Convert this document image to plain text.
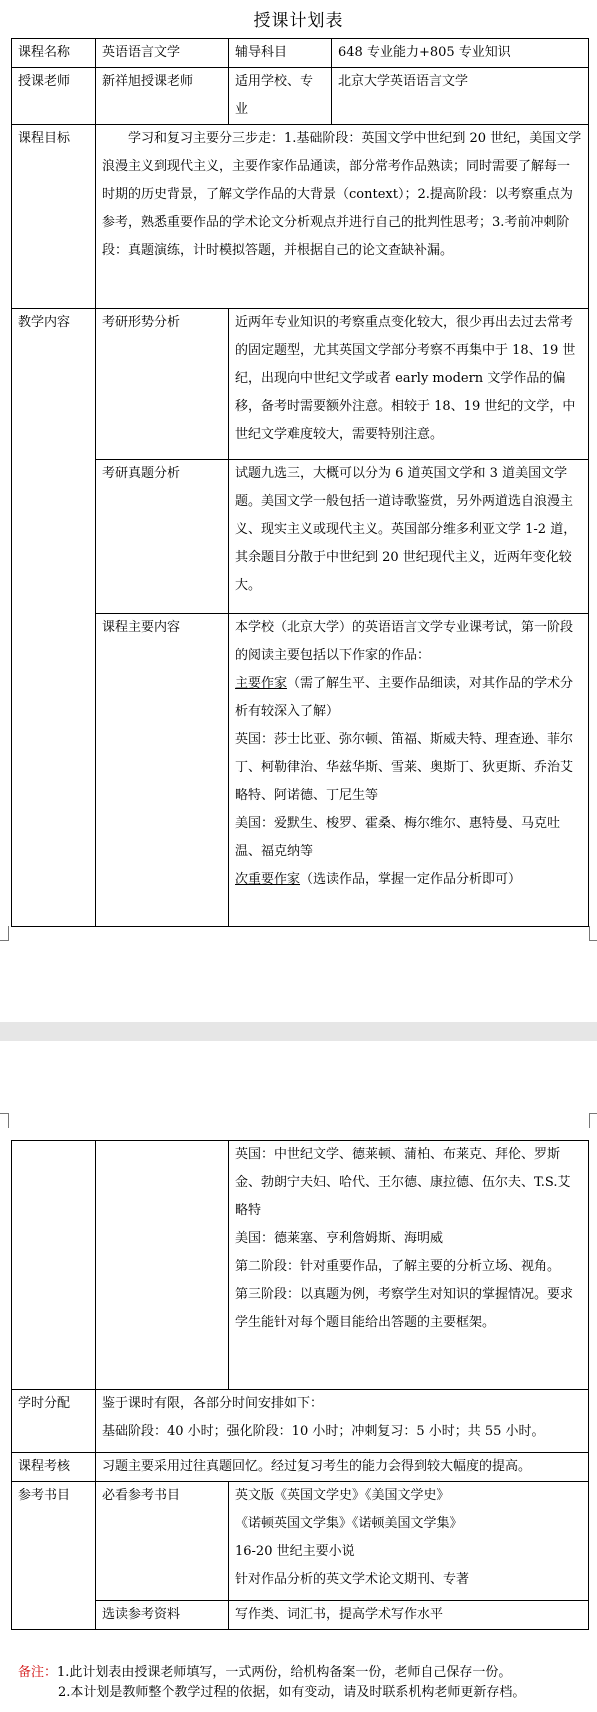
授课计划表
课程名称	英语语言文学	辅导科目	648 专业能力+805 专业知识
授课老师	新祥旭授课老师	适用学校、专业	北京大学英语语言文学
课程目标	学习和复习主要分三步走：1.基础阶段：英国文学中世纪到 20 世纪，美国文学浪漫主义到现代主义，主要作家作品通读，部分常考作品熟读；同时需要了解每一时期的历史背景，了解文学作品的大背景（context）；2.提高阶段：以考察重点为参考，熟悉重要作品的学术论文分析观点并进行自己的批判性思考；3.考前冲刺阶段：真题演练，计时模拟答题，并根据自己的论文查缺补漏。		
教学内容	考研形势分析	近两年专业知识的考察重点变化较大，很少再出去过去常考的固定题型，尤其英国文学部分考察不再集中于 18、19 世纪，出现向中世纪文学或者 early modern 文学作品的偏移，备考时需要额外注意。相较于 18、19 世纪的文学，中世纪文学难度较大，需要特别注意。	
	考研真题分析	试题九选三，大概可以分为 6 道英国文学和 3 道美国文学题。美国文学一般包括一道诗歌鉴赏，另外两道选自浪漫主义、现实主义或现代主义。英国部分维多利亚文学 1-2 道，其余题目分散于中世纪到 20 世纪现代主义，近两年变化较大。	
	课程主要内容	本学校（北京大学）的英语语言文学专业课考试，第一阶段的阅读主要包括以下作家的作品：
主要作家（需了解生平、主要作品细读，对其作品的学术分析有较深入了解）
英国：莎士比亚、弥尔顿、笛福、斯威夫特、理查逊、菲尔丁、柯勒律治、华兹华斯、雪莱、奥斯丁、狄更斯、乔治艾略特、阿诺德、丁尼生等
美国：爱默生、梭罗、霍桑、梅尔维尔、惠特曼、马克吐温、福克纳等
次重要作家（选读作品，掌握一定作品分析即可）	

		英国：中世纪文学、德莱顿、蒲柏、布莱克、拜伦、罗斯金、勃朗宁夫妇、哈代、王尔德、康拉德、伍尔夫、T.S.艾略特
美国：德莱塞、亨利詹姆斯、海明威
第二阶段：针对重要作品，了解主要的分析立场、视角。
第三阶段：以真题为例，考察学生对知识的掌握情况。要求学生能针对每个题目能给出答题的主要框架。

学时分配	鉴于课时有限，各部分时间安排如下：
基础阶段：40 小时；强化阶段：10 小时；冲刺复习：5 小时；共 55 小时。	

课程考核	习题主要采用过往真题回忆。经过复习考生的能力会得到较大幅度的提高。	
参考书目	必看参考书目	英文版《英国文学史》《美国文学史》
《诺顿英国文学集》《诺顿美国文学集》
16-20 世纪主要小说
针对作品分析的英文学术论文期刊、专著

	选读参考资料	写作类、词汇书，提高学术写作水平
备注：1.此计划表由授课老师填写，一式两份，给机构备案一份，老师自己保存一份。
2.本计划是教师整个教学过程的依据，如有变动，请及时联系机构老师更新存档。
